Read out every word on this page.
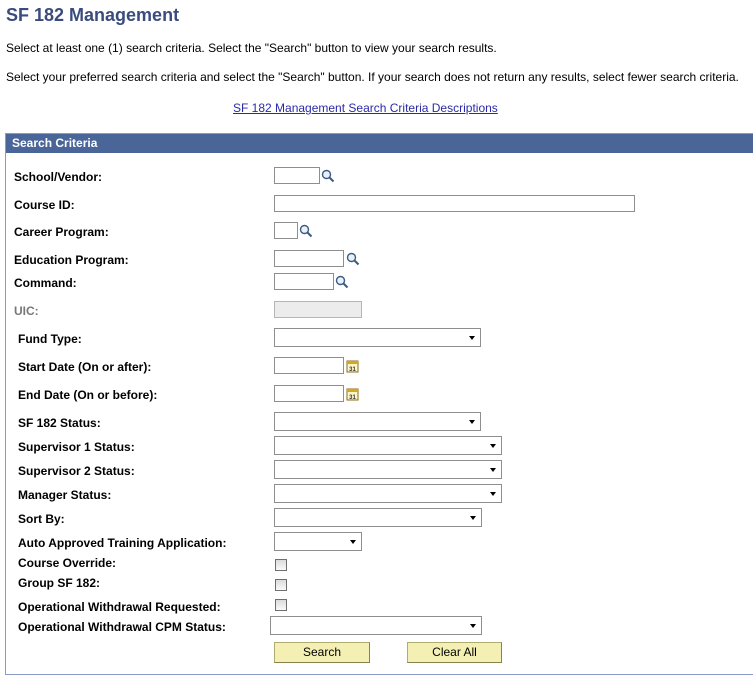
SF 182 Management
Select at least one (1) search criteria. Select the "Search" button to view your search results.
Select your preferred search criteria and select the "Search" button. If your search does not return any results, select fewer search criteria.
SF 182 Management Search Criteria Descriptions
Search Criteria
School/Vendor:
Course ID:
Career Program:
Education Program:
Command:
UIC:
Fund Type:
Start Date (On or after):	31
End Date (On or before):	31
SF 182 Status:
Supervisor 1 Status:
Supervisor 2 Status:
Manager Status:
Sort By:
Auto Approved Training Application:
Course Override:
Group SF 182:
Operational Withdrawal Requested:
Operational Withdrawal CPM Status:
Search	Clear All
